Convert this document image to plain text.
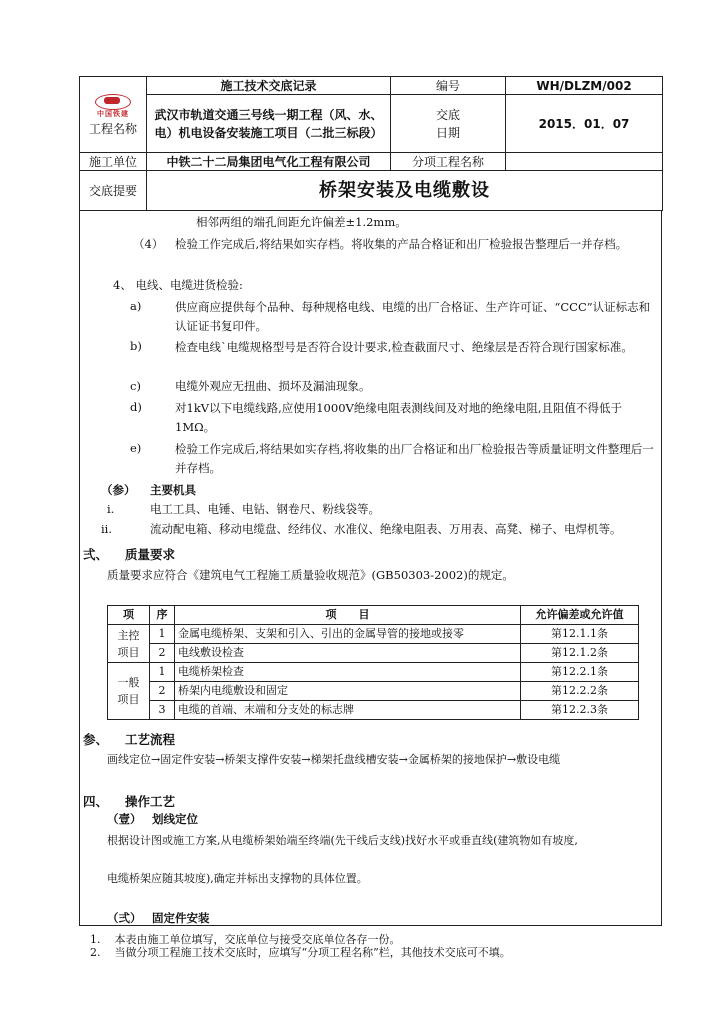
中国铁建
工程名称	施工技术交底记录	编号	WH/DLZM/002
	武汉市轨道交通三号线一期工程（风、水、电）机电设备安装施工项目（二批三标段）	交底日期	2015．01．07
施工单位	中铁二十二局集团电气化工程有限公司	分项工程名称	
交底提要	桥架安装及电缆敷设		
相邻两组的端孔间距允许偏差±1.2mm。
（4） 检验工作完成后,将结果如实存档。将收集的产品合格证和出厂检验报告整理后一并存档。
4、 电线、电缆进货检验:
a)	供应商应提供每个品种、每种规格电线、电缆的出厂合格证、生产许可证、“CCC”认证标志和认证证书复印件。
b)	检查电线`电缆规格型号是否符合设计要求,检查截面尺寸、绝缘层是否符合现行国家标准。
c)	电缆外观应无扭曲、损坏及漏油现象。
d)	对1kV以下电缆线路,应使用1000V绝缘电阻表测线间及对地的绝缘电阻,且阻值不得低于1MΩ。
e)	检验工作完成后,将结果如实存档,将收集的出厂合格证和出厂检验报告等质量证明文件整理后一并存档。
（参） 主要机具
i.	电工工具、电锤、电钻、钢卷尺、粉线袋等。
ii.	流动配电箱、移动电缆盘、经纬仪、水准仪、绝缘电阻表、万用表、高凳、梯子、电焊机等。
弍、 质量要求
质量要求应符合《建筑电气工程施工质量验收规范》(GB50303-2002)的规定。
项	序	项　　目	允许偏差或允许值

主控项目	1	金属电缆桥架、支架和引入、引出的金属导管的接地或接零	第12.1.1条
	2	电线敷设检查	第12.1.2条

一般项目	1	电缆桥架检查	第12.2.1条
	2	桥架内电缆敷设和固定	第12.2.2条
	3	电缆的首端、末端和分支处的标志牌	第12.2.3条
参、 工艺流程
画线定位→固定件安装→桥架支撑件安装→梯架托盘线槽安装→金属桥架的接地保护→敷设电缆
四、 操作工艺
（壹） 划线定位
根据设计图或施工方案,从电缆桥架始端至终端(先干线后支线)找好水平或垂直线(建筑物如有坡度,
电缆桥架应随其坡度),确定并标出支撑物的具体位置。
（弍） 固定件安装
1. 本表由施工单位填写，交底单位与接受交底单位各存一份。
2. 当做分项工程施工技术交底时，应填写“分项工程名称”栏，其他技术交底可不填。
